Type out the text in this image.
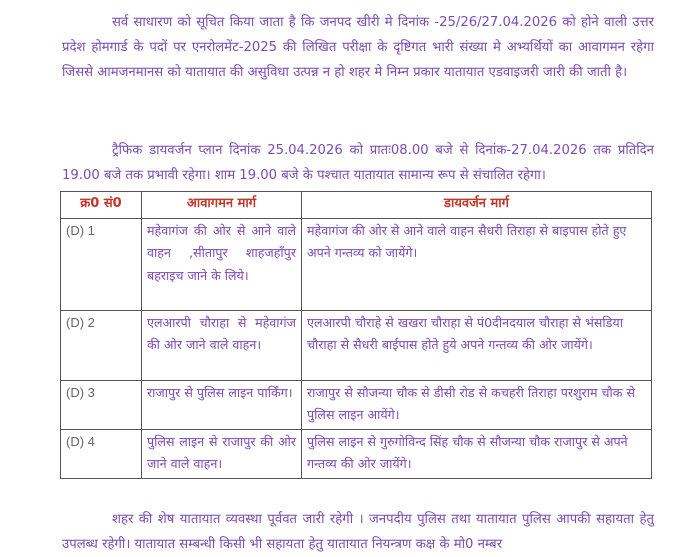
सर्व साधारण को सूचित किया जाता है कि जनपद खीरी मे दिनांक -25/26/27.04.2026 को होने वाली उत्तर प्रदेश होमगार्ड के पदों पर एनरोलमेंट-2025 की लिखित परीक्षा के दृष्टिगत भारी संख्या मे अभ्यर्थियों का आवागमन रहेगा जिससे आमजनमानस को यातायात की असुविधा उत्पन्न न हो शहर मे निम्न प्रकार यातायात एडवाइजरी जारी की जाती है।
ट्रैफिक डायवर्जन प्लान दिनांक 25.04.2026 को प्रातः08.00 बजे से दिनांक-27.04.2026 तक प्रतिदिन 19.00 बजे तक प्रभावी रहेगा। शाम 19.00 बजे के पश्चात यातायात सामान्य रूप से संचालित रहेगा।
क्र0 सं0	आवागमन मार्ग	डायवर्जन मार्ग
(D) 1	महेवागंज की ओर से आने वाले वाहन ,सीतापुर शाहजहाँपुर बहराइच जाने के लिये।	महेवागंज की ओर से आने वाले वाहन सैधरी तिराहा से बाइपास होते हुए अपने गन्तव्य को जायेंगे।
(D) 2	एलआरपी चौराहा से महेवागंज की ओर जाने वाले वाहन।	एलआरपी चौराहे से खखरा चौराहा से पं0दीनदयाल चौराहा से भंसडिया चौराहा से सैधरी बाईपास होते हुये अपने गन्तव्य की ओर जायेंगे।
(D) 3	राजापुर से पुलिस लाइन पार्किंग।	राजापुर से सौजन्या चौक से डीसी रोड से कचहरी तिराहा परशुराम चौक से पुलिस लाइन आयेंगे।
(D) 4	पुलिस लाइन से राजापुर की ओर जाने वाले वाहन।	पुलिस लाइन से गुरुगोविन्द सिंह चौक से सौजन्या चौक राजापुर से अपने गन्तव्य की ओर जायेंगे।
शहर की शेष यातायात व्यवस्था पूर्ववत जारी रहेगी । जनपदीय पुलिस तथा यातायात पुलिस आपकी सहायता हेतु उपलब्ध रहेगी। यातायात सम्बन्धी किसी भी सहायता हेतु यातायात नियन्त्रण कक्ष के मो0 नम्बर
